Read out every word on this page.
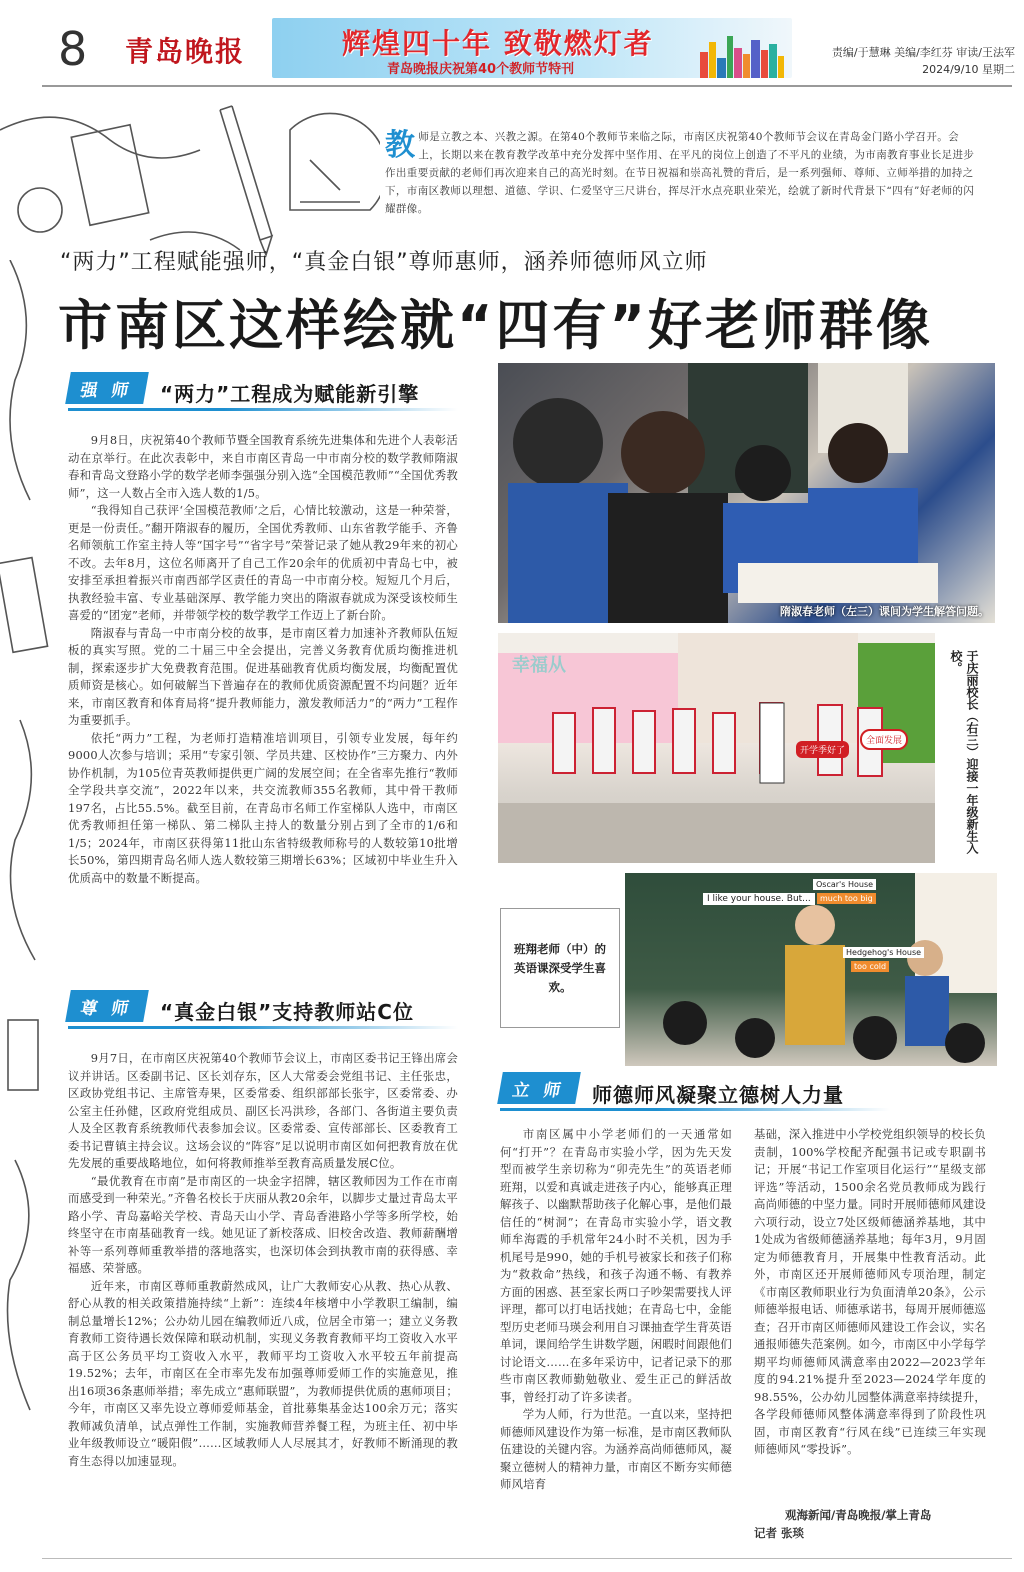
8 青岛晚报	辉煌四十年 致敬燃灯者
青岛晚报庆祝第40个教师节特刊
责编/于慧琳 美编/李红芬 审读/王法军
2024/9/10 星期二
教 师是立教之本、兴教之源。在第40个教师节来临之际，市南区庆祝第40个教师节会议在青岛金门路小学召开。会上，长期以来在教育教学改革中充分发挥中坚作用、在平凡的岗位上创造了不平凡的业绩，为市南教育事业长足进步作出重要贡献的老师们再次迎来自己的高光时刻。在节日祝福和崇高礼赞的背后，是一系列强师、尊师、立师举措的加持之下，市南区教师以理想、道德、学识、仁爱坚守三尺讲台，挥尽汗水点亮职业荣光，绘就了新时代背景下“四有”好老师的闪耀群像。
“两力”工程赋能强师，“真金白银”尊师惠师，涵养师德师风立师
市南区这样绘就“四有”好老师群像
强 师	“两力”工程成为赋能新引擎

9月8日，庆祝第40个教师节暨全国教育系统先进集体和先进个人表彰活动在京举行。在此次表彰中，来自市南区青岛一中市南分校的数学教师隋淑春和青岛文登路小学的数学老师李强强分别入选“全国模范教师”“全国优秀教师”，这一人数占全市入选人数的1/5。

“我得知自己获评‘全国模范教师’之后，心情比较激动，这是一种荣誉，更是一份责任。”翻开隋淑春的履历，全国优秀教师、山东省教学能手、齐鲁名师领航工作室主持人等“国字号”“省字号”荣誉记录了她从教29年来的初心不改。去年8月，这位名师离开了自己工作20余年的优质初中青岛七中，被安排至承担着振兴市南西部学区责任的青岛一中市南分校。短短几个月后，执教经验丰富、专业基础深厚、教学能力突出的隋淑春就成为深受该校师生喜爱的“团宠”老师，并带领学校的数学教学工作迈上了新台阶。

隋淑春与青岛一中市南分校的故事，是市南区着力加速补齐教师队伍短板的真实写照。党的二十届三中全会提出，完善义务教育优质均衡推进机制，探索逐步扩大免费教育范围。促进基础教育优质均衡发展，均衡配置优质师资是核心。如何破解当下普遍存在的教师优质资源配置不均问题？近年来，市南区教育和体育局将“提升教师能力，激发教师活力”的“两力”工程作为重要抓手。

依托“两力”工程，为老师打造精准培训项目，引领专业发展，每年约9000人次参与培训；采用“专家引领、学员共建、区校协作”三方聚力、内外协作机制，为105位青英教师提供更广阔的发展空间；在全省率先推行“教师全学段共享交流”，2022年以来，共交流教师355名教师，其中骨干教师197名，占比55.5%。截至目前，在青岛市名师工作室梯队人选中，市南区优秀教师担任第一梯队、第二梯队主持人的数量分别占到了全市的1/6和1/5；2024年，市南区获得第11批山东省特级教师称号的人数较第10批增长50%，第四期青岛名师人选人数较第三期增长63%；区域初中毕业生升入优质高中的数量不断提高。

尊 师	“真金白银”支持教师站C位

9月7日，在市南区庆祝第40个教师节会议上，市南区委书记王锋出席会议并讲话。区委副书记、区长刘存东，区人大常委会党组书记、主任张忠，区政协党组书记、主席管寿果，区委常委、组织部部长张宇，区委常委、办公室主任孙健，区政府党组成员、副区长冯洪珍，各部门、各街道主要负责人及全区教育系统教师代表参加会议。区委常委、宣传部部长、区委教育工委书记曹镇主持会议。这场会议的“阵容”足以说明市南区如何把教育放在优先发展的重要战略地位，如何将教师推举至教育高质量发展C位。

“最优教育在市南”是市南区的一块金字招牌，辖区教师因为工作在市南而感受到一种荣光。”齐鲁名校长于庆丽从教20余年，以脚步丈量过青岛太平路小学、青岛嘉峪关学校、青岛天山小学、青岛香港路小学等多所学校，始终坚守在市南基础教育一线。她见证了新校落成、旧校舍改造、教师薪酬增补等一系列尊师重教举措的落地落实，也深切体会到执教市南的获得感、幸福感、荣誉感。

近年来，市南区尊师重教蔚然成风，让广大教师安心从教、热心从教、舒心从教的相关政策措施持续“上新”：连续4年核增中小学教职工编制，编制总量增长12%；公办幼儿园在编教师近八成，位居全市第一；建立义务教育教师工资待遇长效保障和联动机制，实现义务教育教师平均工资收入水平高于区公务员平均工资收入水平，教师平均工资收入水平较五年前提高19.52%；去年，市南区在全市率先发布加强尊师爱师工作的实施意见，推出16项36条惠师举措；率先成立“惠师联盟”，为教师提供优质的惠师项目；今年，市南区又率先设立尊师爱师基金，首批募集基金达100余万元；落实教师减负清单，试点弹性工作制，实施教师营养餐工程，为班主任、初中毕业年级教师设立“暖阳假”……区域教师人人尽展其才，好教师不断涌现的教育生态得以加速显现。

隋淑春老师（左三）课间为学生解答问题。
幸福从
开学季好了
全面发展	于庆丽校长（右三）迎接一年级新生入校。
班翔老师（中）的英语课深受学生喜欢。
I like your house. But...
Oscar's House
much too big
Hedgehog's House
too cold
立 师	师德师风凝聚立德树人力量

市南区属中小学老师们的一天通常如何“打开”？在青岛市实验小学，因为先天发型而被学生亲切称为“卯壳先生”的英语老师班翔，以爱和真诚走进孩子内心，能够真正理解孩子、以幽默帮助孩子化解心事，是他们最信任的“树洞”；在青岛市实验小学，语文教师牟海霞的手机常年24小时不关机，因为手机尾号是990，她的手机号被家长和孩子们称为“救救命”热线，和孩子沟通不畅、有教养方面的困惑、甚至家长两口子吵架需要找人评评理，都可以打电话找她；在青岛七中，金能型历史老师马瑛会利用自习课抽查学生背英语单词，课间给学生讲数学题，闲暇时间跟他们讨论语文……在多年采访中，记者记录下的那些市南区教师勤勉敬业、爱生正己的鲜活故事，曾经打动了许多读者。

学为人师，行为世范。一直以来，坚持把师德师风建设作为第一标准，是市南区教师队伍建设的关键内容。为涵养高尚师德师风，凝聚立德树人的精神力量，市南区不断夯实师德师风培育

基础，深入推进中小学校党组织领导的校长负责制，100%学校配齐配强书记或专职副书记；开展“书记工作室项目化运行”“星级支部评选”等活动，1500余名党员教师成为践行高尚师德的中坚力量。同时开展师德师风建设六项行动，设立7处区级师德涵养基地，其中1处成为省级师德涵养基地；每年3月，9月固定为师德教育月，开展集中性教育活动。此外，市南区还开展师德师风专项治理，制定《市南区教师职业行为负面清单20条》，公示师德举报电话、师德承诺书，每周开展师德巡查；召开市南区师德师风建设工作会议，实名通报师德失范案例。如今，市南区中小学每学期平均师德师风满意率由2022—2023学年度的94.21%提升至2023—2024学年度的98.55%，公办幼儿园整体满意率持续提升，各学段师德师风整体满意率得到了阶段性巩固，市南区教育“行风在线”已连续三年实现师德师风“零投诉”。
观海新闻/青岛晚报/掌上青岛
记者 张琰
